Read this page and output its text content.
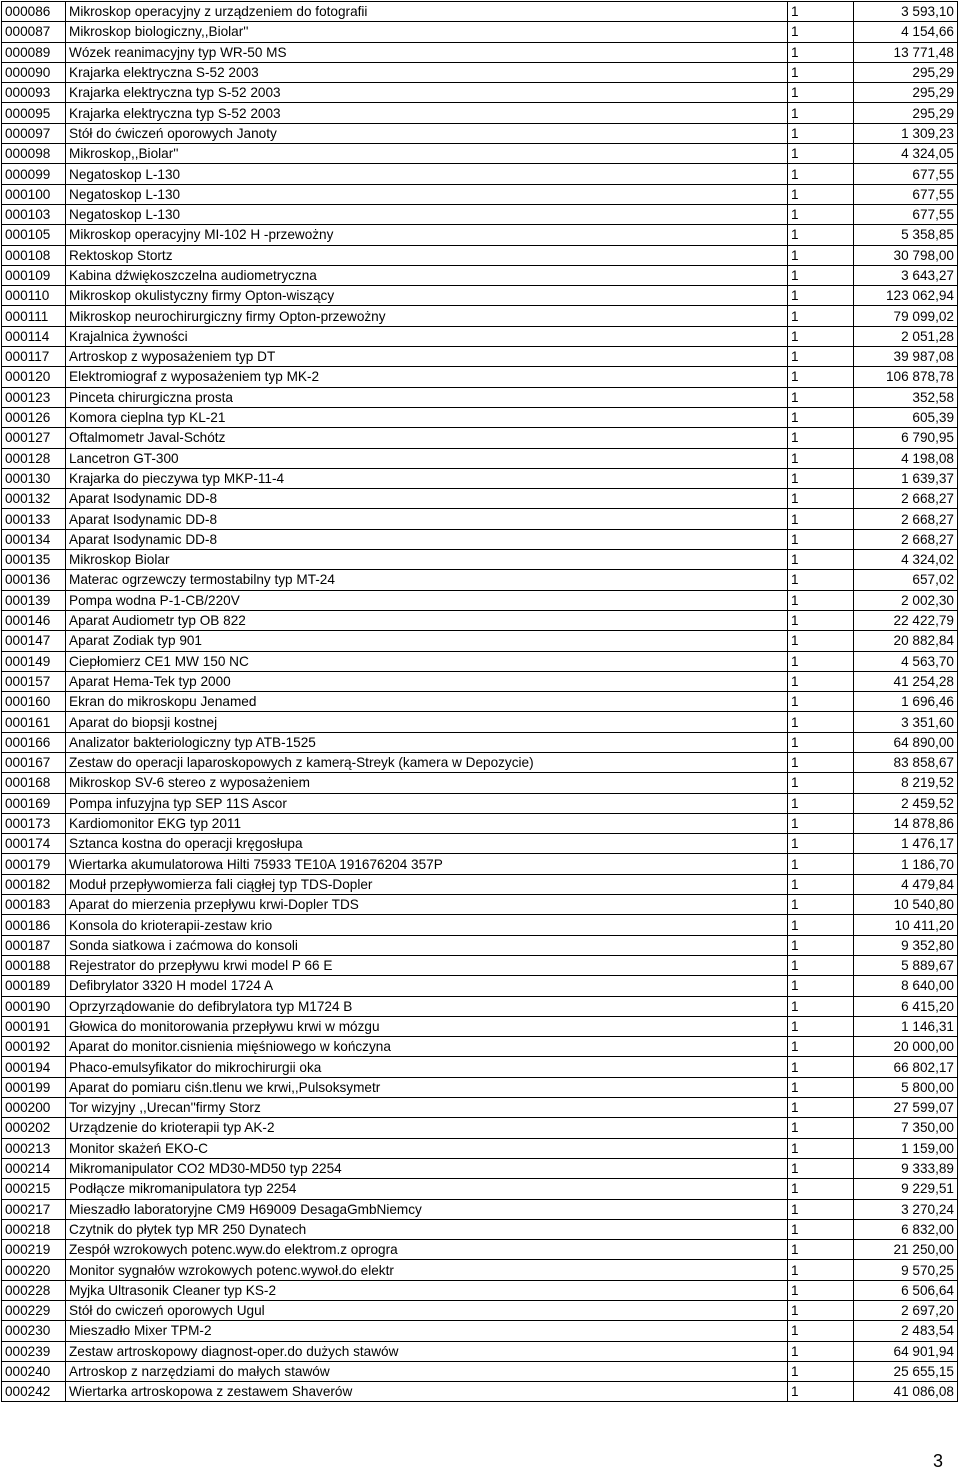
000086	Mikroskop operacyjny z urządzeniem do fotografii	1	3 593,10
000087	Mikroskop biologiczny,,Biolar''	1	4 154,66
000089	Wózek reanimacyjny typ WR-50 MS	1	13 771,48
000090	Krajarka elektryczna S-52 2003	1	295,29
000093	Krajarka elektryczna typ S-52 2003	1	295,29
000095	Krajarka elektryczna typ S-52 2003	1	295,29
000097	Stół do ćwiczeń oporowych Janoty	1	1 309,23
000098	Mikroskop,,Biolar''	1	4 324,05
000099	Negatoskop L-130	1	677,55
000100	Negatoskop L-130	1	677,55
000103	Negatoskop L-130	1	677,55
000105	Mikroskop operacyjny MI-102 H -przewożny	1	5 358,85
000108	Rektoskop Stortz	1	30 798,00
000109	Kabina dźwiękoszczelna audiometryczna	1	3 643,27
000110	Mikroskop okulistyczny firmy Opton-wiszący	1	123 062,94
000111	Mikroskop neurochirurgiczny firmy Opton-przewożny	1	79 099,02
000114	Krajalnica żywności	1	2 051,28
000117	Artroskop z wyposażeniem typ DT	1	39 987,08
000120	Elektromiograf z wyposażeniem typ MK-2	1	106 878,78
000123	Pinceta chirurgiczna prosta	1	352,58
000126	Komora cieplna typ KL-21	1	605,39
000127	Oftalmometr Javal-Schótz	1	6 790,95
000128	Lancetron GT-300	1	4 198,08
000130	Krajarka do pieczywa typ MKP-11-4	1	1 639,37
000132	Aparat Isodynamic DD-8	1	2 668,27
000133	Aparat Isodynamic DD-8	1	2 668,27
000134	Aparat Isodynamic DD-8	1	2 668,27
000135	Mikroskop Biolar	1	4 324,02
000136	Materac ogrzewczy termostabilny typ MT-24	1	657,02
000139	Pompa wodna P-1-CB/220V	1	2 002,30
000146	Aparat Audiometr typ OB 822	1	22 422,79
000147	Aparat Zodiak typ 901	1	20 882,84
000149	Ciepłomierz CE1 MW 150 NC	1	4 563,70
000157	Aparat Hema-Tek typ 2000	1	41 254,28
000160	Ekran do mikroskopu Jenamed	1	1 696,46
000161	Aparat do biopsji kostnej	1	3 351,60
000166	Analizator bakteriologiczny typ ATB-1525	1	64 890,00
000167	Zestaw do operacji laparoskopowych z kamerą-Streyk (kamera w Depozycie)	1	83 858,67
000168	Mikroskop SV-6 stereo z wyposażeniem	1	8 219,52
000169	Pompa infuzyjna typ SEP 11S Ascor	1	2 459,52
000173	Kardiomonitor EKG typ 2011	1	14 878,86
000174	Sztanca kostna do operacji kręgosłupa	1	1 476,17
000179	Wiertarka akumulatorowa Hilti 75933 TE10A 191676204 357P	1	1 186,70
000182	Moduł przepływomierza fali ciągłej typ TDS-Dopler	1	4 479,84
000183	Aparat do mierzenia przepływu krwi-Dopler TDS	1	10 540,80
000186	Konsola do krioterapii-zestaw krio	1	10 411,20
000187	Sonda siatkowa i zaćmowa do konsoli	1	9 352,80
000188	Rejestrator do przepływu krwi model P 66 E	1	5 889,67
000189	Defibrylator 3320 H model 1724 A	1	8 640,00
000190	Oprzyrządowanie do defibrylatora typ M1724 B	1	6 415,20
000191	Głowica do monitorowania przepływu krwi w mózgu	1	1 146,31
000192	Aparat do monitor.cisnienia mięśniowego w kończyna	1	20 000,00
000194	Phaco-emulsyfikator do mikrochirurgii oka	1	66 802,17
000199	Aparat do pomiaru ciśn.tlenu we krwi,,Pulsoksymetr	1	5 800,00
000200	Tor wizyjny ,,Urecan''firmy Storz	1	27 599,07
000202	Urządzenie do krioterapii typ AK-2	1	7 350,00
000213	Monitor skażeń EKO-C	1	1 159,00
000214	Mikromanipulator CO2 MD30-MD50 typ 2254	1	9 333,89
000215	Podłącze mikromanipulatora typ 2254	1	9 229,51
000217	Mieszadło laboratoryjne CM9 H69009 DesagaGmbNiemcy	1	3 270,24
000218	Czytnik do płytek typ MR 250 Dynatech	1	6 832,00
000219	Zespół wzrokowych potenc.wyw.do elektrom.z oprogra	1	21 250,00
000220	Monitor sygnałów wzrokowych potenc.wywoł.do elektr	1	9 570,25
000228	Myjka Ultrasonik Cleaner typ KS-2	1	6 506,64
000229	Stół do cwiczeń oporowych Ugul	1	2 697,20
000230	Mieszadło Mixer TPM-2	1	2 483,54
000239	Zestaw artroskopowy diagnost-oper.do dużych stawów	1	64 901,94
000240	Artroskop z narzędziami do małych stawów	1	25 655,15
000242	Wiertarka artroskopowa z zestawem Shaverów	1	41 086,08
3
